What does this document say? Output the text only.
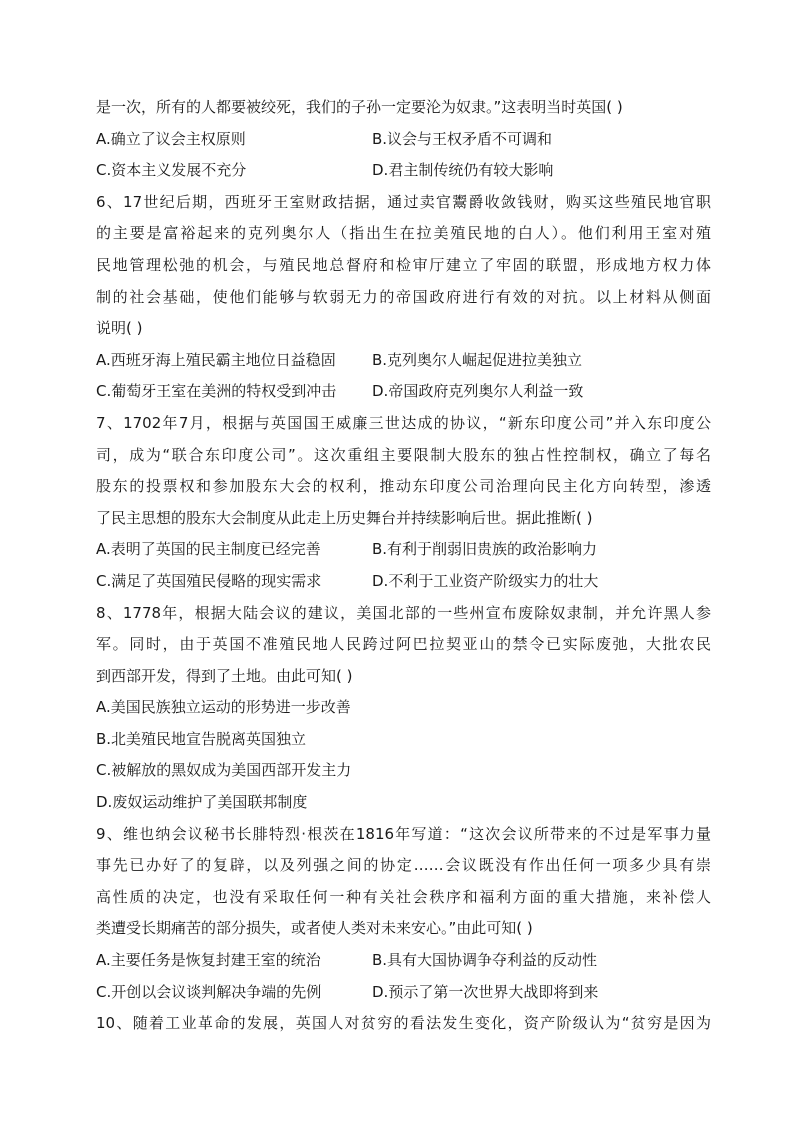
是一次，所有的人都要被绞死，我们的子孙一定要沦为奴隶。”这表明当时英国( )
A.确立了议会主权原则	B.议会与王权矛盾不可调和
C.资本主义发展不充分	D.君主制传统仍有较大影响
6、17世纪后期，西班牙王室财政拮据，通过卖官鬻爵收敛钱财，购买这些殖民地官职
的主要是富裕起来的克列奥尔人（指出生在拉美殖民地的白人）。他们利用王室对殖
民地管理松弛的机会，与殖民地总督府和检审厅建立了牢固的联盟，形成地方权力体
制的社会基础，使他们能够与软弱无力的帝国政府进行有效的对抗。以上材料从侧面
说明( )
A.西班牙海上殖民霸主地位日益稳固	B.克列奥尔人崛起促进拉美独立
C.葡萄牙王室在美洲的特权受到冲击	D.帝国政府克列奥尔人利益一致
7、1702年7月，根据与英国国王威廉三世达成的协议，“新东印度公司”并入东印度公
司，成为“联合东印度公司”。这次重组主要限制大股东的独占性控制权，确立了每名
股东的投票权和参加股东大会的权利，推动东印度公司治理向民主化方向转型，渗透
了民主思想的股东大会制度从此走上历史舞台并持续影响后世。据此推断( )
A.表明了英国的民主制度已经完善	B.有利于削弱旧贵族的政治影响力
C.满足了英国殖民侵略的现实需求	D.不利于工业资产阶级实力的壮大
8、1778年，根据大陆会议的建议，美国北部的一些州宣布废除奴隶制，并允许黑人参
军。同时，由于英国不准殖民地人民跨过阿巴拉契亚山的禁令已实际废弛，大批农民
到西部开发，得到了土地。由此可知( )
A.美国民族独立运动的形势进一步改善
B.北美殖民地宣告脱离英国独立
C.被解放的黑奴成为美国西部开发主力
D.废奴运动维护了美国联邦制度
9、维也纳会议秘书长腓特烈·根茨在1816年写道：“这次会议所带来的不过是军事力量
事先已办好了的复辟，以及列强之间的协定……会议既没有作出任何一项多少具有崇
高性质的决定，也没有采取任何一种有关社会秩序和福利方面的重大措施，来补偿人
类遭受长期痛苦的部分损失，或者使人类对未来安心。”由此可知( )
A.主要任务是恢复封建王室的统治	B.具有大国协调争夺利益的反动性
C.开创以会议谈判解决争端的先例	D.预示了第一次世界大战即将到来
10、随着工业革命的发展，英国人对贫穷的看法发生变化，资产阶级认为“贫穷是因为
